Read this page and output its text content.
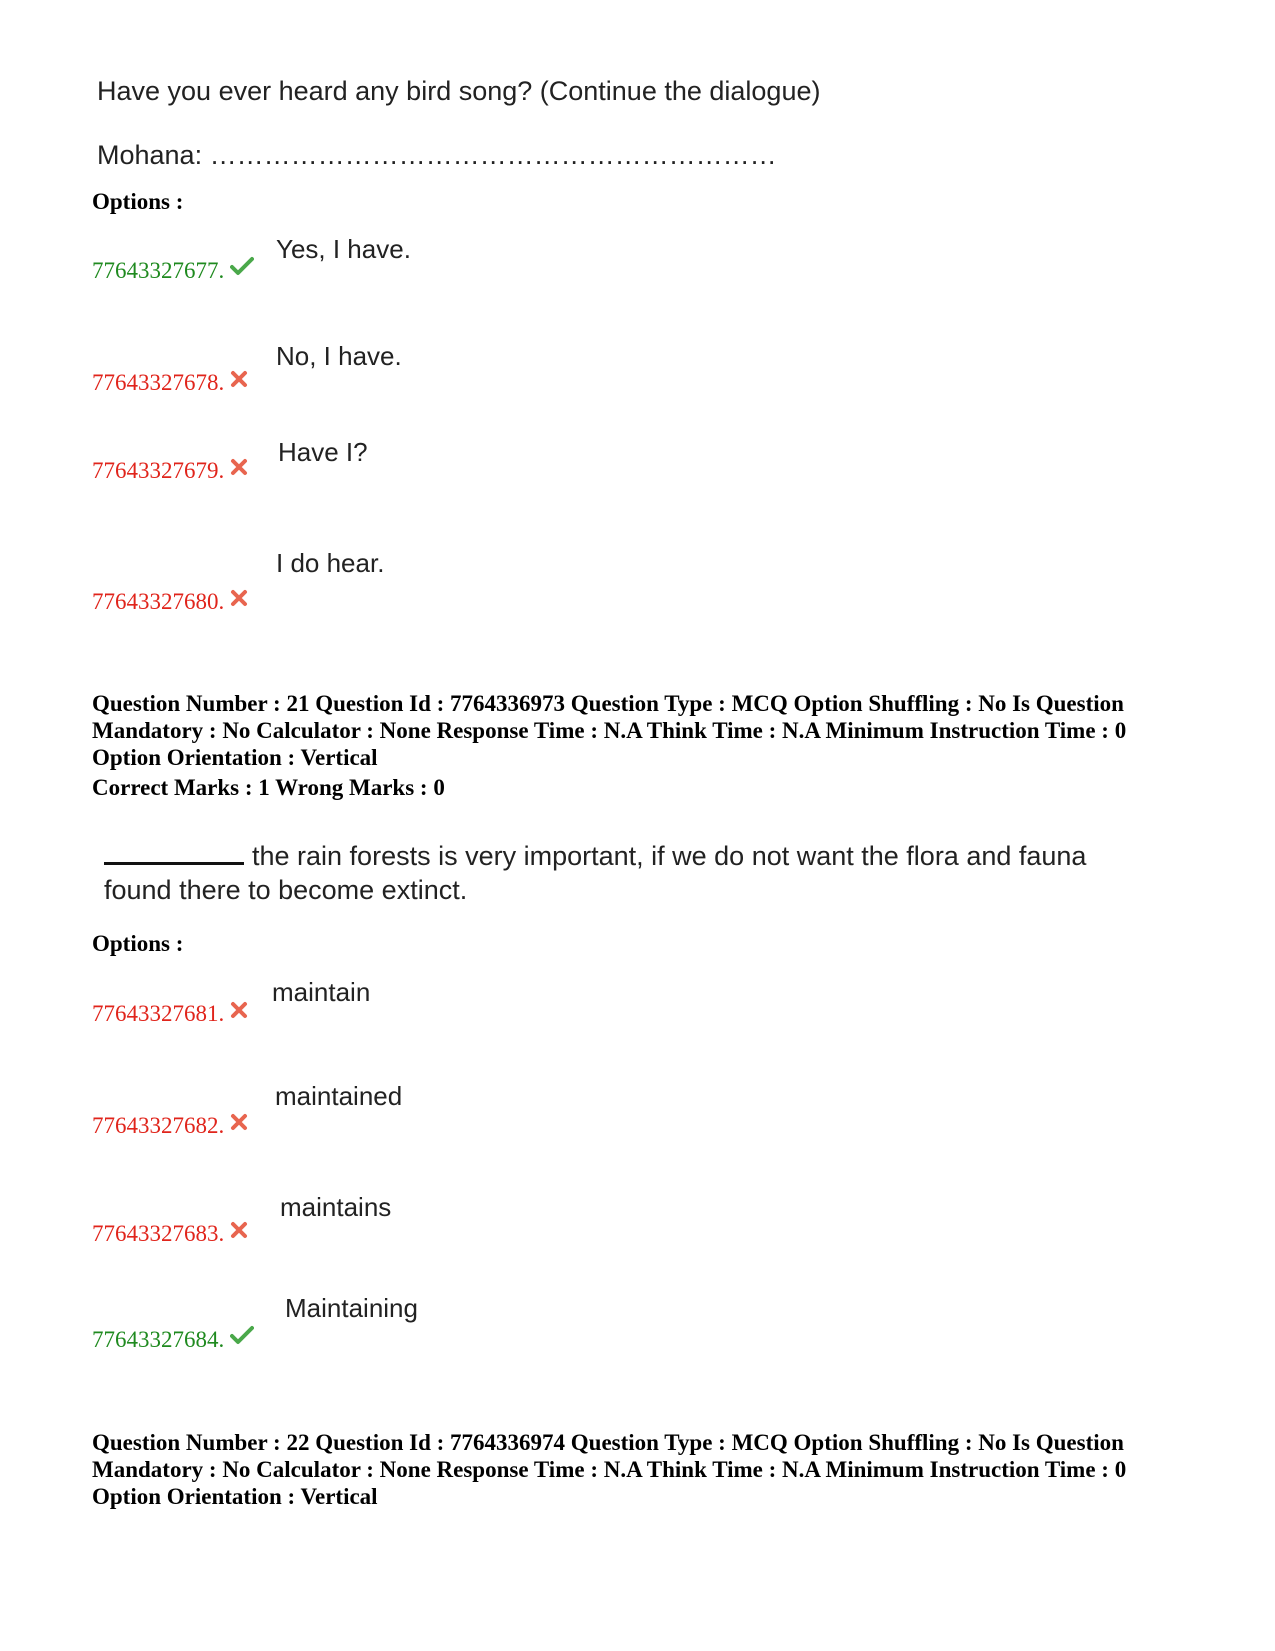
Have you ever heard any bird song? (Continue the dialogue)
Mohana: ………………………………………………………
Options :
77643327677.
Yes, I have.
77643327678.
No, I have.
77643327679.
Have I?
77643327680.
I do hear.
Question Number : 21 Question Id : 7764336973 Question Type : MCQ Option Shuffling : No Is Question Mandatory : No Calculator : None Response Time : N.A Think Time : N.A Minimum Instruction Time : 0 Option Orientation : Vertical
Correct Marks : 1 Wrong Marks : 0
the rain forests is very important, if we do not want the flora and fauna
found there to become extinct.
Options :
77643327681.
maintain
77643327682.
maintained
77643327683.
maintains
77643327684.
Maintaining
Question Number : 22 Question Id : 7764336974 Question Type : MCQ Option Shuffling : No Is Question Mandatory : No Calculator : None Response Time : N.A Think Time : N.A Minimum Instruction Time : 0 Option Orientation : Vertical
